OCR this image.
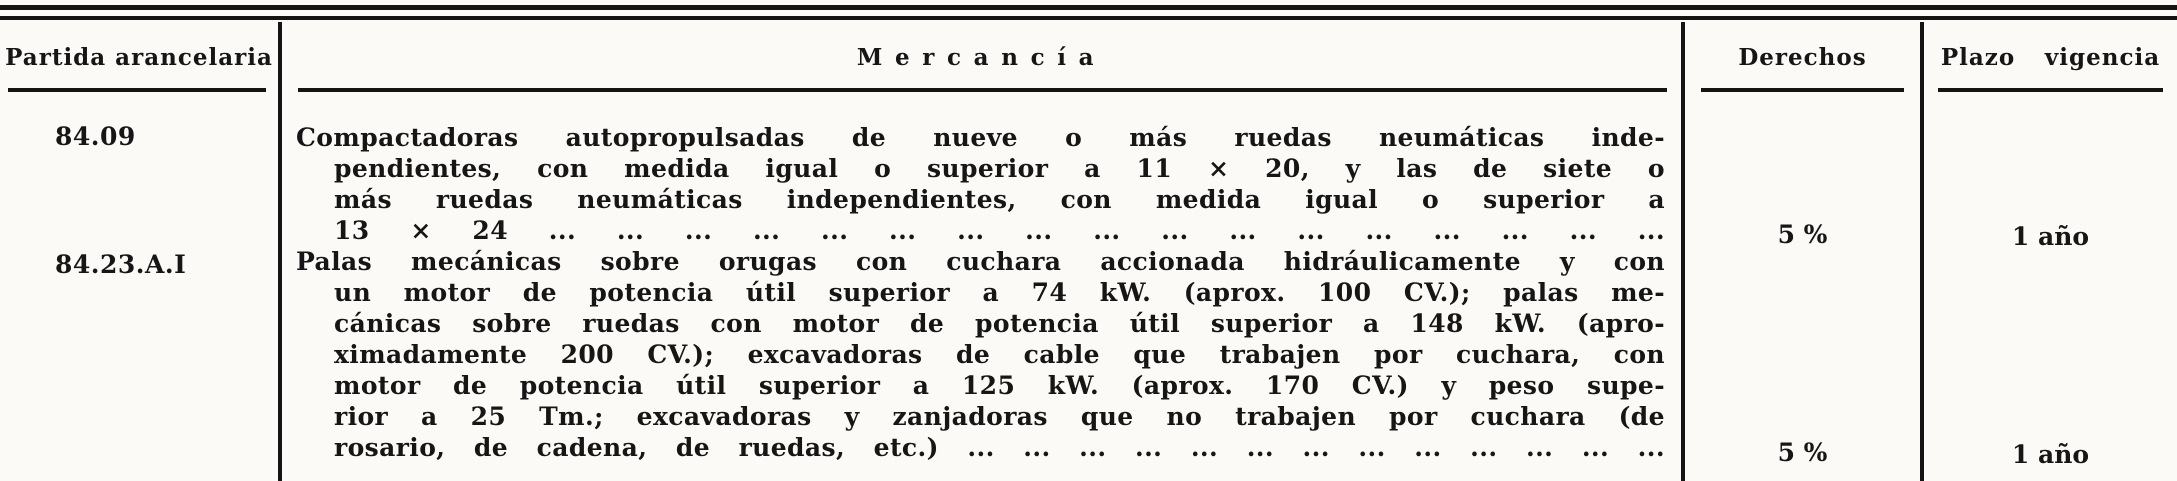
Partida arancelaria
84.09
84.23.A.I
Mercancía
Compactadoras autopropulsadas de nueve o más ruedas neumáticas inde-
pendientes, con medida igual o superior a 11 × 20, y las de siete o
más ruedas neumáticas independientes, con medida igual o superior a
13 × 24 ... ... ... ... ... ... ... ... ... ... ... ... ... ... ... ... ...
Palas mecánicas sobre orugas con cuchara accionada hidráulicamente y con
un motor de potencia útil superior a 74 kW. (aprox. 100 CV.); palas me-
cánicas sobre ruedas con motor de potencia útil superior a 148 kW. (apro-
ximadamente 200 CV.); excavadoras de cable que trabajen por cuchara, con
motor de potencia útil superior a 125 kW. (aprox. 170 CV.) y peso supe-
rior a 25 Tm.; excavadoras y zanjadoras que no trabajen por cuchara (de
rosario, de cadena, de ruedas, etc.) ... ... ... ... ... ... ... ... ... ... ... ... ...
Derechos
5 %
5 %
Plazo vigencia
1 año
1 año
